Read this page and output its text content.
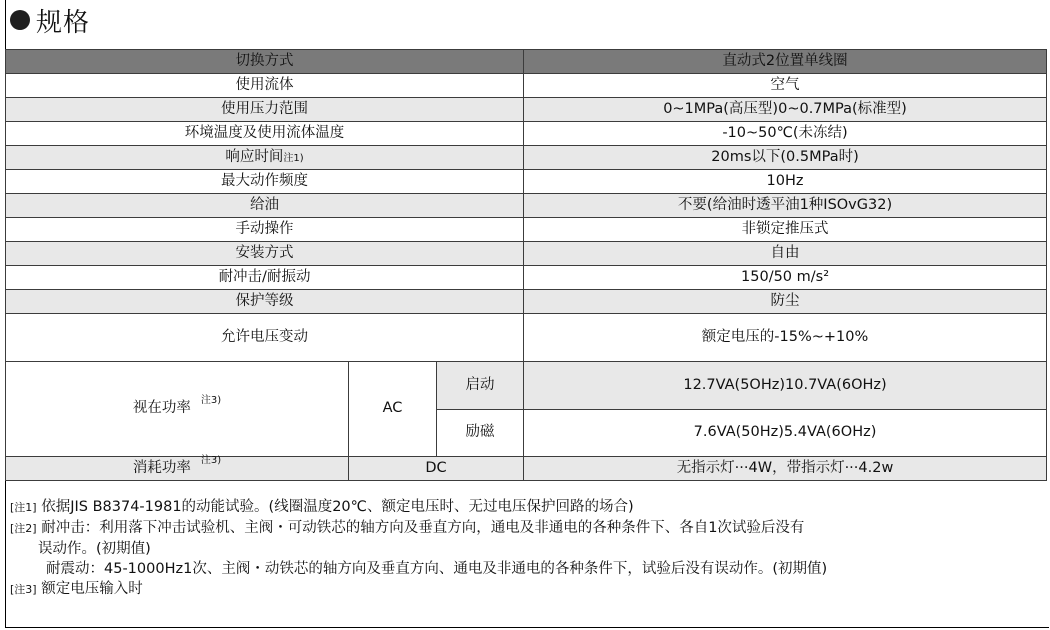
规格
切换方式			直动式2位置单线圈
使用流体			空气
使用压力范围			0~1MPa(高压型)0~0.7MPa(标准型)
环境温度及使用流体温度			-10~50℃(未冻结)
响应时间注1)			20ms以下(0.5MPa时)
最大动作频度			10Hz
给油			不要(给油时透平油1种ISOvG32)
手动操作			非锁定推压式
安装方式			自由
耐冲击/耐振动			150/50 m/s²
保护等级			防尘
允许电压变动			额定电压的-15%~+10%
视在功率 $^{注3)}$	AC	启动	12.7VA(5OHz)10.7VA(6OHz)
		励磁	7.6VA(50Hz)5.4VA(6OHz)
消耗功率 $^{注3)}$	DC		无指示灯···4W，带指示灯···4.2w
[注1] 依据JIS B8374-1981的动能试验。(线圈温度20℃、额定电压时、无过电压保护回路的场合)
[注2] 耐冲击：利用落下冲击试验机、主阀・可动铁芯的轴方向及垂直方向，通电及非通电的各种条件下、各自1次试验后没有
误动作。(初期值)
耐震动：45-1000Hz1次、主阀・动铁芯的轴方向及垂直方向、通电及非通电的各种条件下，试验后没有误动作。(初期值)
[注3] 额定电压输入时
